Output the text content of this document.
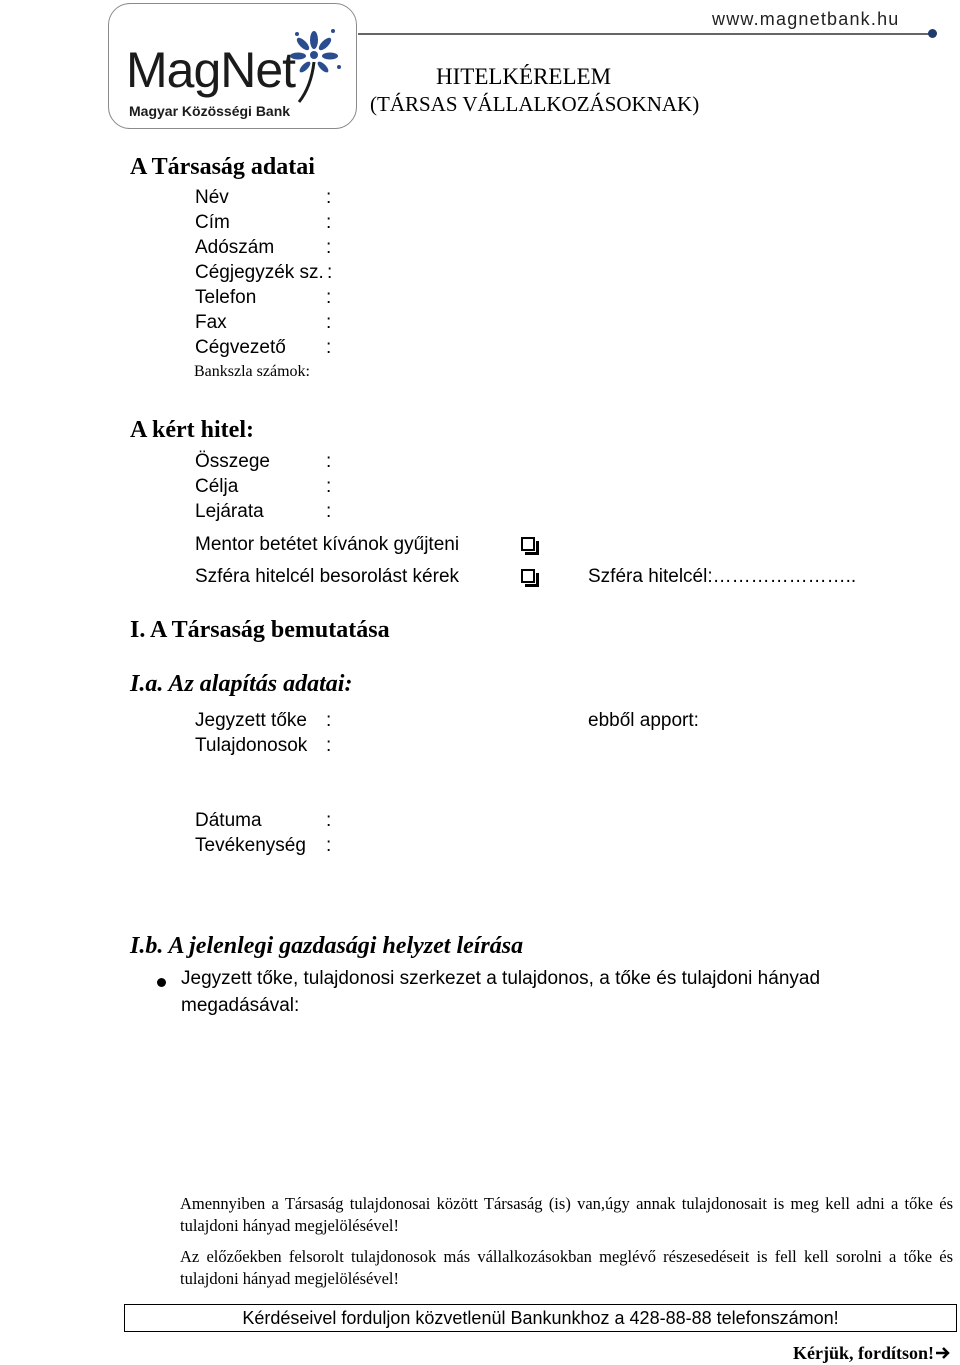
MagNet
Magyar Közösségi Bank
www.magnetbank.hu
HITELKÉRELEM
(TÁRSAS VÁLLALKOZÁSOKNAK)
A Társaság adatai
Név	:
Cím	:
Adószám	:
Cégjegyzék sz. :
Telefon	:
Fax	:
Cégvezető :
Bankszla számok:
A kért hitel:
Összege	:
Célja	:
Lejárata	:
Mentor betétet kívánok gyűjteni
Szféra hitelcél besorolást kérek	Szféra hitelcél:…………………..
I. A Társaság bemutatása
I.a. Az alapítás adatai:
Jegyzett tőke :	ebből apport:
Tulajdonosok :
Dátuma	:
Tevékenység :
I.b. A jelenlegi gazdasági helyzet leírása
Jegyzett tőke, tulajdonosi szerkezet a tulajdonos, a tőke és tulajdoni hányad
megadásával:

Amennyiben a Társaság tulajdonosai között Társaság (is) van,úgy annak tulajdonosait is meg kell adni a tőke és tulajdoni hányad megjelölésével!

Az előzőekben felsorolt tulajdonosok más vállalkozásokban meglévő részesedéseit is fell kell sorolni a tőke és tulajdoni hányad megjelölésével!

Kérdéseivel forduljon közvetlenül Bankunkhoz a 428-88-88 telefonszámon!
Kérjük, fordítson!
